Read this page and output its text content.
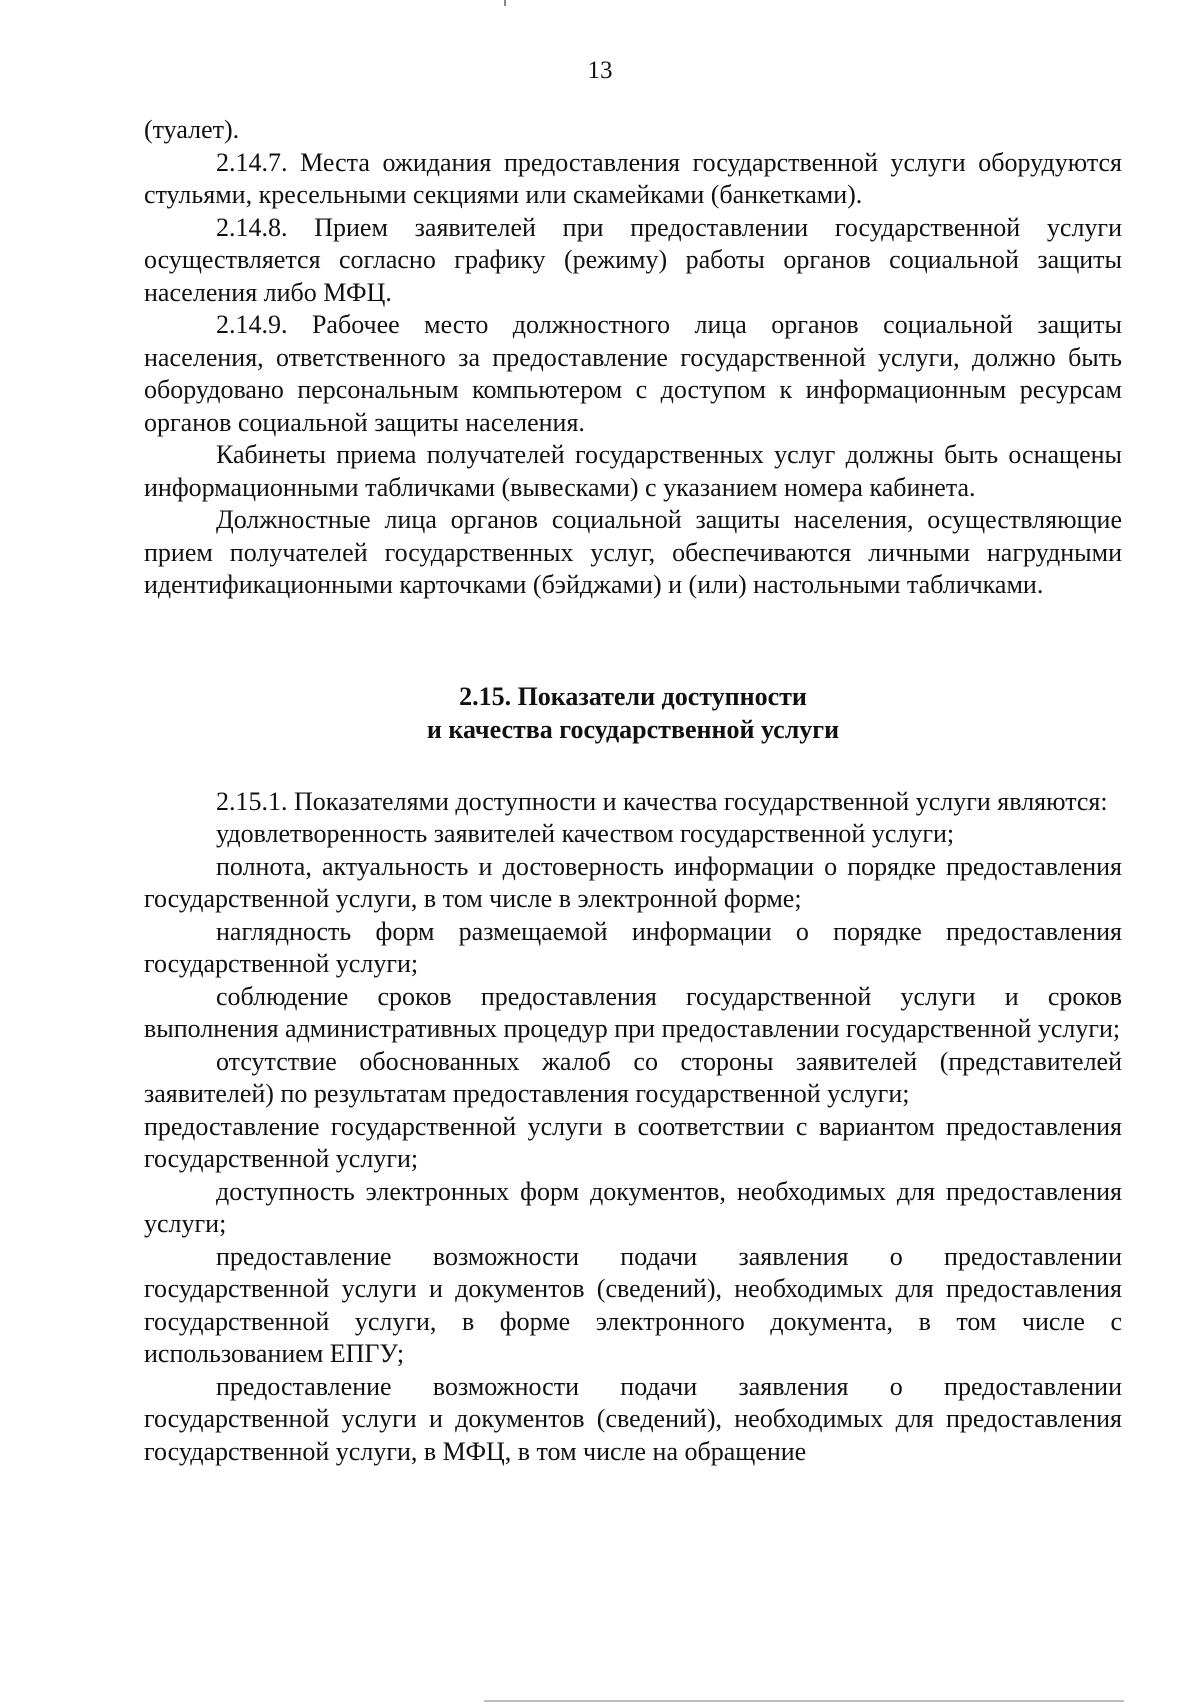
13

(туалет).

2.14.7. Места ожидания предоставления государственной услуги оборудуются стульями, кресельными секциями или скамейками (банкетками).

2.14.8. Прием заявителей при предоставлении государственной услуги осуществляется согласно графику (режиму) работы органов социальной защиты населения либо МФЦ.

2.14.9. Рабочее место должностного лица органов социальной защиты населения, ответственного за предоставление государственной услуги, должно быть оборудовано персональным компьютером с доступом к информационным ресурсам органов социальной защиты населения.

Кабинеты приема получателей государственных услуг должны быть оснащены информационными табличками (вывесками) с указанием номера кабинета.

Должностные лица органов социальной защиты населения, осуществляющие прием получателей государственных услуг, обеспечиваются личными нагрудными идентификационными карточками (бэйджами) и (или) настольными табличками.

2.15. Показатели доступности

и качества государственной услуги

2.15.1. Показателями доступности и качества государственной услуги являются:

удовлетворенность заявителей качеством государственной услуги;

полнота, актуальность и достоверность информации о порядке предоставления государственной услуги, в том числе в электронной форме;

наглядность форм размещаемой информации о порядке предоставления государственной услуги;

соблюдение сроков предоставления государственной услуги и сроков выполнения административных процедур при предоставлении государственной услуги;

отсутствие обоснованных жалоб со стороны заявителей (представителей заявителей) по результатам предоставления государственной услуги;

предоставление государственной услуги в соответствии с вариантом предоставления государственной услуги;

доступность электронных форм документов, необходимых для предоставления услуги;

предоставление возможности подачи заявления о предоставлении государственной услуги и документов (сведений), необходимых для предоставления государственной услуги, в форме электронного документа, в том числе с использованием ЕПГУ;

предоставление возможности подачи заявления о предоставлении государственной услуги и документов (сведений), необходимых для предоставления государственной услуги, в МФЦ, в том числе на обращение
